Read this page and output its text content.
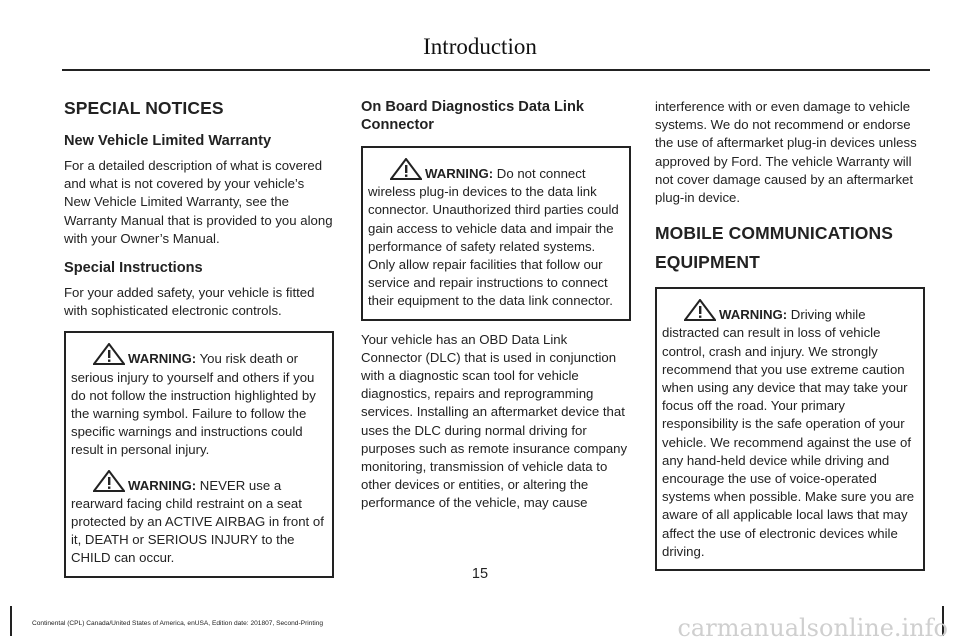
Introduction
SPECIAL NOTICES
New Vehicle Limited Warranty

For a detailed description of what is covered and what is not covered by your vehicle’s New Vehicle Limited Warranty, see the Warranty Manual that is provided to you along with your Owner’s Manual.

Special Instructions

For your added safety, your vehicle is fitted with sophisticated electronic controls.

WARNING: You risk death or serious injury to yourself and others if you do not follow the instruction highlighted by the warning symbol. Failure to follow the specific warnings and instructions could result in personal injury.
WARNING: NEVER use a rearward facing child restraint on a seat protected by an ACTIVE AIRBAG in front of it, DEATH or SERIOUS INJURY to the CHILD can occur.
On Board Diagnostics Data Link Connector
WARNING: Do not connect wireless plug-in devices to the data link connector. Unauthorized third parties could gain access to vehicle data and impair the performance of safety related systems. Only allow repair facilities that follow our service and repair instructions to connect their equipment to the data link connector.

Your vehicle has an OBD Data Link Connector (DLC) that is used in conjunction with a diagnostic scan tool for vehicle diagnostics, repairs and reprogramming services. Installing an aftermarket device that uses the DLC during normal driving for purposes such as remote insurance company monitoring, transmission of vehicle data to other devices or entities, or altering the performance of the vehicle, may cause

interference with or even damage to vehicle systems. We do not recommend or endorse the use of aftermarket plug-in devices unless approved by Ford. The vehicle Warranty will not cover damage caused by an aftermarket plug-in device.

MOBILE COMMUNICATIONS
EQUIPMENT
WARNING: Driving while distracted can result in loss of vehicle control, crash and injury. We strongly recommend that you use extreme caution when using any device that may take your focus off the road. Your primary responsibility is the safe operation of your vehicle. We recommend against the use of any hand-held device while driving and encourage the use of voice-operated systems when possible. Make sure you are aware of all applicable local laws that may affect the use of electronic devices while driving.
15
Continental (CPL) Canada/United States of America, enUSA, Edition date: 201807, Second-Printing	carmanualsonline.info
